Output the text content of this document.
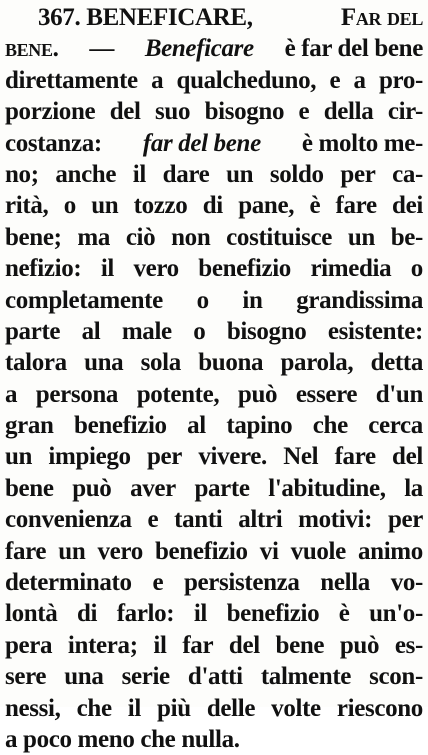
367. BENEFICARE,	Far del
bene. — Beneficare è far del bene
direttamente a qualcheduno, e a pro-
porzione del suo bisogno e della cir-
costanza: far del bene è molto me-
no; anche il dare un soldo per ca-
rità, o un tozzo di pane, è fare dei
bene; ma ciò non costituisce un be-
nefizio: il vero benefizio rimedia o
completamente o in grandissima
parte al male o bisogno esistente:
talora una sola buona parola, detta
a persona potente, può essere d'un
gran benefizio al tapino che cerca
un impiego per vivere. Nel fare del
bene può aver parte l'abitudine, la
convenienza e tanti altri motivi: per
fare un vero benefizio vi vuole animo
determinato e persistenza nella vo-
lontà di farlo: il benefizio è un'o-
pera intera; il far del bene può es-
sere una serie d'atti talmente scon-
nessi, che il più delle volte riescono
a poco meno che nulla.
